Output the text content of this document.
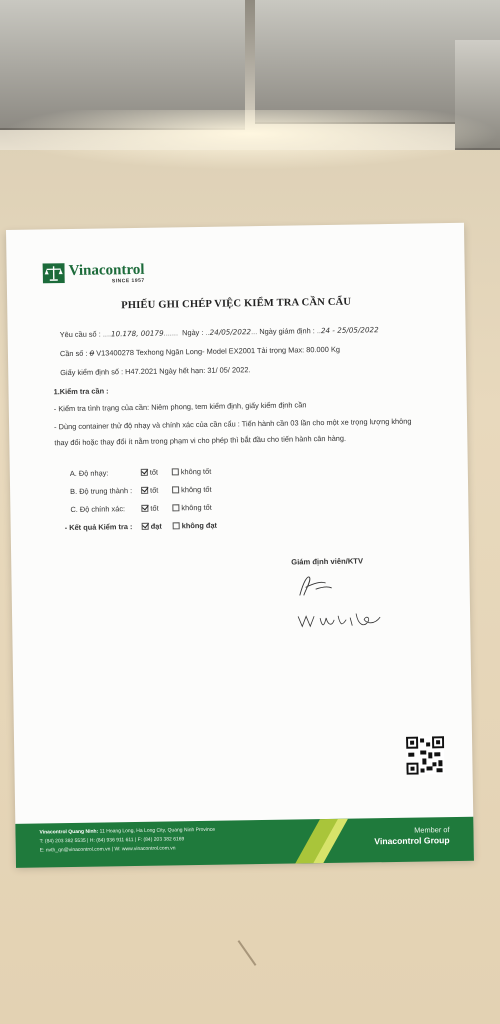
Vinacontrol
SINCE 1957
PHIẾU GHI CHÉP VIỆC KIỂM TRA CẦN CẨU
Yêu cầu số : ....10.178, 00179....... Ngày : ..24/05/2022... Ngày giám định : ..24 - 25/05/2022
Cần số : 0 V13400278 Texhong Ngân Long- Model EX2001 Tải trọng Max: 80.000 Kg
Giấy kiểm định số : H47.2021 Ngày hết hạn: 31/ 05/ 2022.
1.Kiểm tra cần :
- Kiểm tra tình trạng của cần: Niêm phong, tem kiểm định, giấy kiểm định cần
- Dùng container thử độ nhạy và chính xác của cần cẩu : Tiến hành cần 03 lần cho một xe trọng lượng không
thay đổi hoặc thay đổi ít nằm trong phạm vi cho phép thì bắt đầu cho tiến hành cân hàng.
A. Độ nhạy:	tốt	không tốt
B. Độ trung thành :	tốt	không tốt
C. Độ chính xác:	tốt	không tốt
- Kết quả Kiểm tra :	đạt	không đạt
Giám định viên/KTV
Vinacontrol Quang Ninh: 11 Hoang Long, Ha Long City, Quang Ninh Province
T: (84) 203 382 5535 | H: (84) 936 911 611 | F: (84) 203 382 6169
E: nvth_qn@vinacontrol.com.vn | W: www.vinacontrol.com.vn
Member of
Vinacontrol Group
